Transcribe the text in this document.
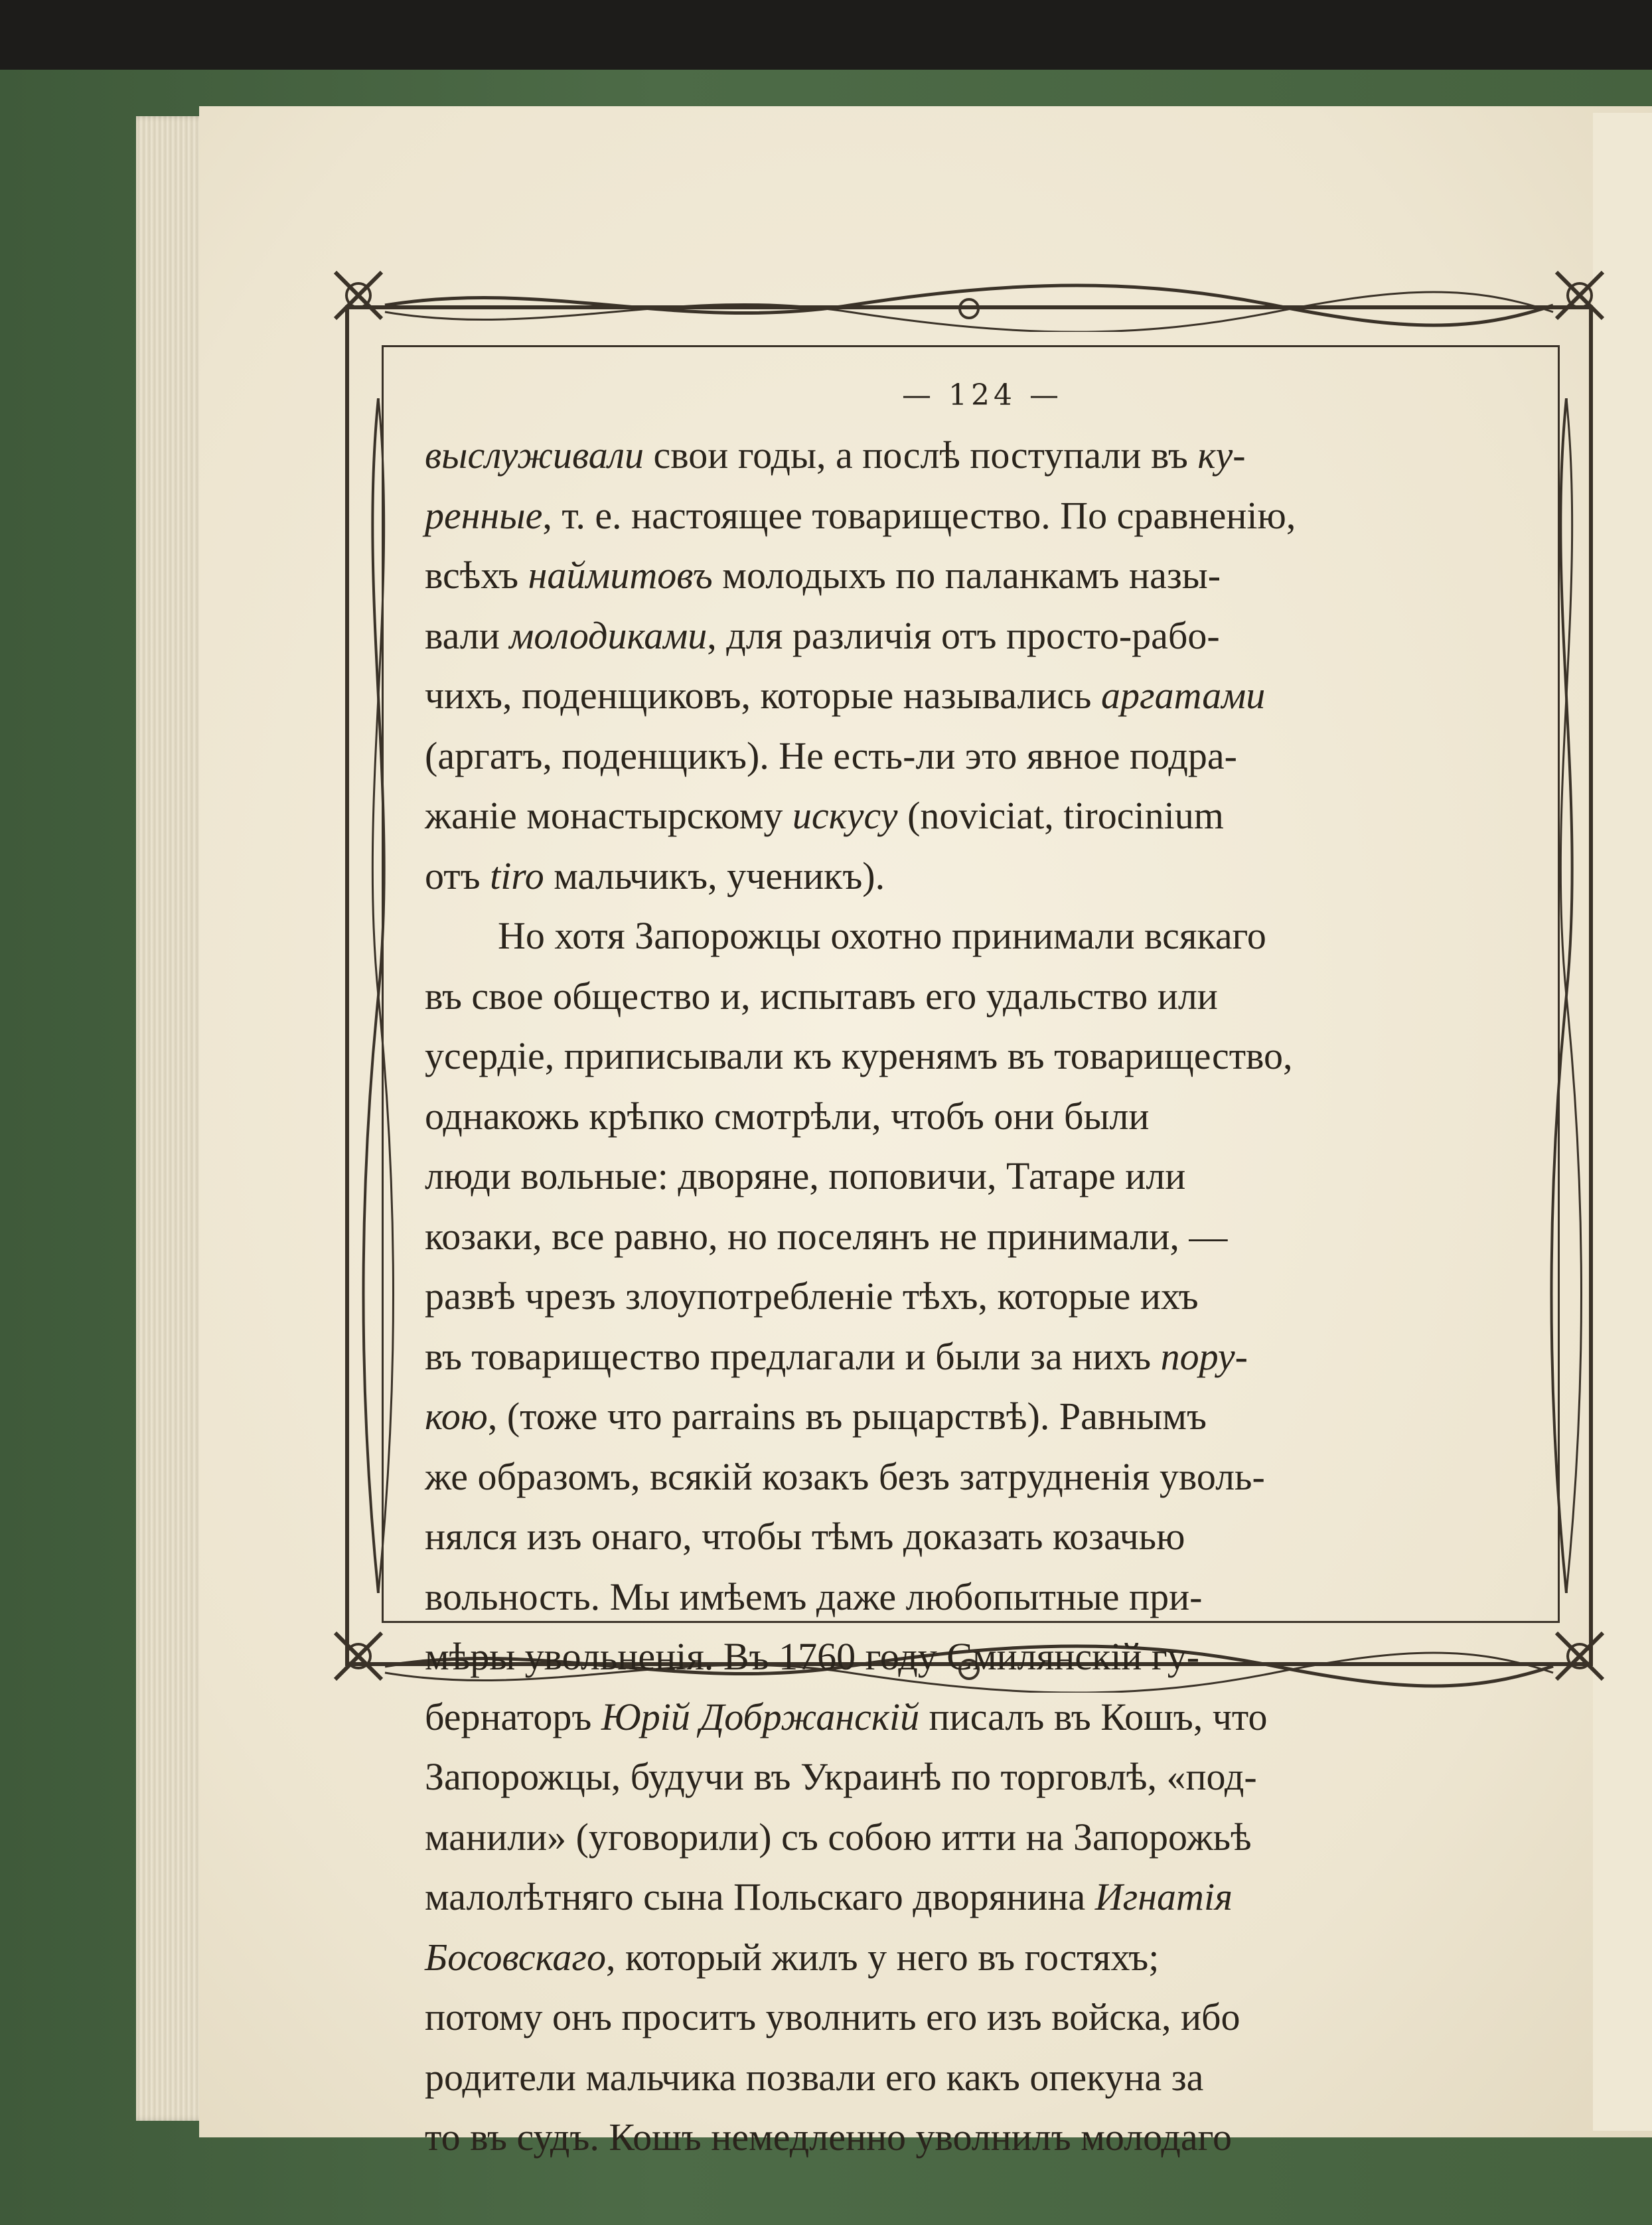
— 124 —
выслуживали свои годы, а послѣ поступали въ ку-
ренные, т. е. настоящее товарищество. По сравненію,
всѣхъ наймитовъ молодыхъ по паланкамъ назы-
вали молодиками, для различія отъ просто-рабо-
чихъ, поденщиковъ, которые назывались аргатами
(аргатъ, поденщикъ). Не есть-ли это явное подра-
жаніе монастырскому искусу (noviciat, tirocinium
отъ tiro мальчикъ, ученикъ).
Но хотя Запорожцы охотно принимали всякаго
въ свое общество и, испытавъ его удальство или
усердіе, приписывали къ куренямъ въ товарищество,
однакожь крѣпко смотрѣли, чтобъ они были
люди вольные: дворяне, поповичи, Татаре или
козаки, все равно, но поселянъ не принимали, —
развѣ чрезъ злоупотребленіе тѣхъ, которые ихъ
въ товарищество предлагали и были за нихъ пору-
кою, (тоже что parrains въ рыцарствѣ). Равнымъ
же образомъ, всякій козакъ безъ затрудненія уволь-
нялся изъ онаго, чтобы тѣмъ доказать козачью
вольность. Мы имѣемъ даже любопытные при-
мѣры увольненія. Въ 1760 году Смилянскій гу-
бернаторъ Юрій Добржанскій писалъ въ Кошъ, что
Запорожцы, будучи въ Украинѣ по торговлѣ, «под-
манили» (уговорили) съ собою итти на Запорожьѣ
малолѣтняго сына Польскаго дворянина Игнатія
Босовскаго, который жилъ у него въ гостяхъ;
потому онъ проситъ уволнить его изъ войска, ибо
родители мальчика позвали его какъ опекуна за
то въ судъ. Кошъ немедленно уволнилъ молодаго
